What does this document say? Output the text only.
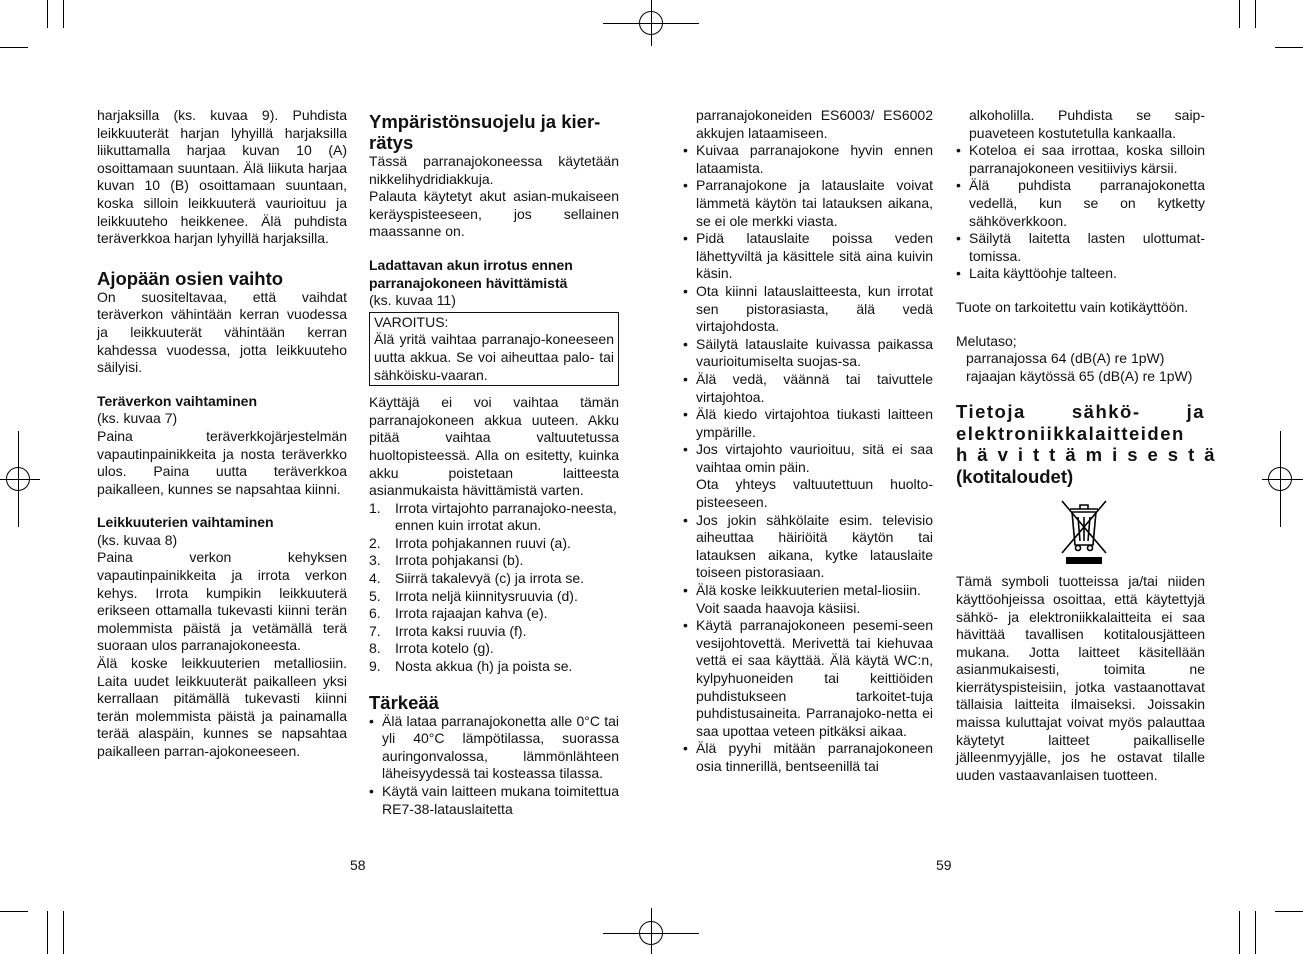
harjaksilla (ks. kuvaa 9). Puhdista leikkuuterät harjan lyhyillä harjaksilla liikuttamalla harjaa kuvan 10 (A) osoittamaan suuntaan. Älä liikuta harjaa kuvan 10 (B) osoittamaan suuntaan, koska silloin leikkuuterä vaurioituu ja leikkuuteho heikkenee. Älä puhdista teräverkkoa harjan lyhyillä harjaksilla.

Ajopään osien vaihto

On suositeltavaa, että vaihdat teräverkon vähintään kerran vuodessa ja leikkuuterät vähintään kerran kahdessa vuodessa, jotta leikkuuteho säilyisi.

Teräverkon vaihtaminen

(ks. kuvaa 7)

Paina teräverkkojärjestelmän vapautinpainikkeita ja nosta teräverkko ulos. Paina uutta teräverkkoa paikalleen, kunnes se napsahtaa kiinni.

Leikkuuterien vaihtaminen

(ks. kuvaa 8)

Paina verkon kehyksen vapautinpainikkeita ja irrota verkon kehys. Irrota kumpikin leikkuuterä erikseen ottamalla tukevasti kiinni terän molemmista päistä ja vetämällä terä suoraan ulos parranajokoneesta.

Älä koske leikkuuterien metalliosiin. Laita uudet leikkuuterät paikalleen yksi kerrallaan pitämällä tukevasti kiinni terän molemmista päistä ja painamalla terää alaspäin, kunnes se napsahtaa paikalleen parran-ajokoneeseen.

Ympäristönsuojelu ja kier-rätys

Tässä parranajokoneessa käytetään nikkelihydridiakkuja.

Palauta käytetyt akut asian-mukaiseen keräyspisteeseen, jos sellainen maassanne on.

Ladattavan akun irrotus ennen parranajokoneen hävittämistä

(ks. kuvaa 11)

VAROITUS:

Älä yritä vaihtaa parranajo-koneeseen uutta akkua. Se voi aiheuttaa palo- tai sähköisku-vaaran.

Käyttäjä ei voi vaihtaa tämän parranajokoneen akkua uuteen. Akku pitää vaihtaa valtuutetussa huoltopisteessä. Alla on esitetty, kuinka akku poistetaan laitteesta asianmukaista hävittämistä varten.

1. Irrota virtajohto parranajoko-neesta, ennen kuin irrotat akun.
2. Irrota pohjakannen ruuvi (a).
3. Irrota pohjakansi (b).
4. Siirrä takalevyä (c) ja irrota se.
5. Irrota neljä kiinnitysruuvia (d).
6. Irrota rajaajan kahva (e).
7. Irrota kaksi ruuvia (f).
8. Irrota kotelo (g).
9. Nosta akkua (h) ja poista se.
Tärkeää
• Älä lataa parranajokonetta alle 0°C tai yli 40°C lämpötilassa, suorassa auringonvalossa, lämmönlähteen läheisyydessä tai kosteassa tilassa.
• Käytä vain laitteen mukana toimitettua RE7-38-latauslaitetta

parranajokoneiden ES6003/ ES6002 akkujen lataamiseen.

• Kuivaa parranajokone hyvin ennen lataamista.
• Parranajokone ja latauslaite voivat lämmetä käytön tai latauksen aikana, se ei ole merkki viasta.
• Pidä latauslaite poissa veden lähettyviltä ja käsittele sitä aina kuivin käsin.
• Ota kiinni latauslaitteesta, kun irrotat sen pistorasiasta, älä vedä virtajohdosta.
• Säilytä latauslaite kuivassa paikassa vaurioitumiselta suojas-sa.
• Älä vedä, väännä tai taivuttele virtajohtoa.
• Älä kiedo virtajohtoa tiukasti laitteen ympärille.
• Jos virtajohto vaurioituu, sitä ei saa vaihtaa omin päin.
Ota yhteys valtuutettuun huolto-pisteeseen.
• Jos jokin sähkölaite esim. televisio aiheuttaa häiriöitä käytön tai latauksen aikana, kytke latauslaite toiseen pistorasiaan.
• Älä koske leikkuuterien metal-liosiin.
Voit saada haavoja käsiisi.
• Käytä parranajokoneen pesemi-seen vesijohtovettä. Merivettä tai kiehuvaa vettä ei saa käyttää. Älä käytä WC:n, kylpyhuoneiden tai keittiöiden puhdistukseen tarkoitet-tuja puhdistusaineita. Parranajoko-netta ei saa upottaa veteen pitkäksi aikaa.
• Älä pyyhi mitään parranajokoneen osia tinnerillä, bentseenillä tai

alkoholilla. Puhdista se saip-puaveteen kostutetulla kankaalla.

• Koteloa ei saa irrottaa, koska silloin parranajokoneen vesitiiviys kärsii.
• Älä puhdista parranajokonetta vedellä, kun se on kytketty sähköverkkoon.
• Säilytä laitetta lasten ulottumat-tomissa.
• Laita käyttöohje talteen.

Tuote on tarkoitettu vain kotikäyttöön.

Melutaso;

parranajossa 64 (dB(A) re 1pW)

rajaajan käytössä 65 (dB(A) re 1pW)

Tietoja sähkö- ja
elektroniikkalaitteiden
hävittämisestä
(kotitaloudet)

Tämä symboli tuotteissa ja/tai niiden käyttöohjeissa osoittaa, että käytettyjä sähkö- ja elektroniikkalaitteita ei saa hävittää tavallisen kotitalousjätteen mukana. Jotta laitteet käsitellään asianmukaisesti, toimita ne kierrätyspisteisiin, jotka vastaanottavat tällaisia laitteita ilmaiseksi. Joissakin maissa kuluttajat voivat myös palauttaa käytetyt laitteet paikalliselle jälleenmyyjälle, jos he ostavat tilalle uuden vastaavanlaisen tuotteen.

58	59
